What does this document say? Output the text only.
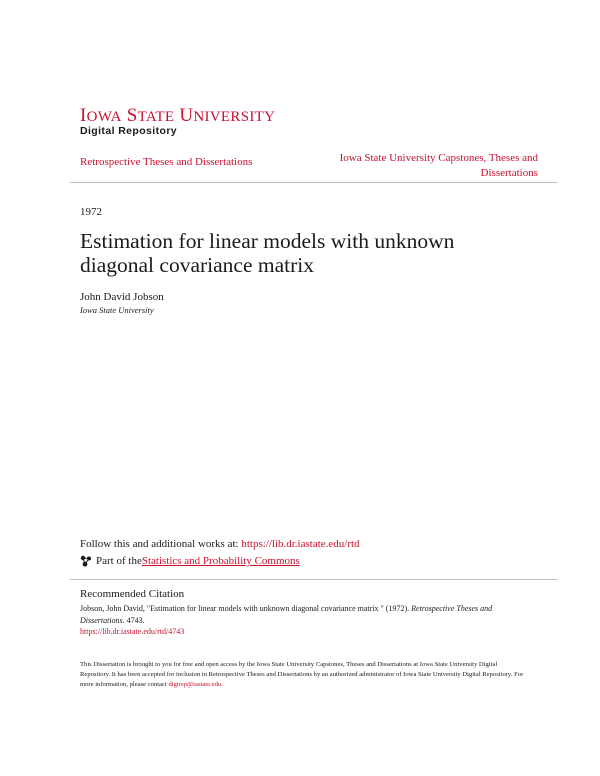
IOWA STATE UNIVERSITY
Digital Repository
Retrospective Theses and Dissertations	Iowa State University Capstones, Theses and
Dissertations
1972
Estimation for linear models with unknown
diagonal covariance matrix
John David Jobson
Iowa State University
Follow this and additional works at: https://lib.dr.iastate.edu/rtd
Part of the Statistics and Probability Commons
Recommended Citation
Jobson, John David, "Estimation for linear models with unknown diagonal covariance matrix " (1972). Retrospective Theses and
Dissertations. 4743.
https://lib.dr.iastate.edu/rtd/4743
This Dissertation is brought to you for free and open access by the Iowa State University Capstones, Theses and Dissertations at Iowa State University Digital Repository. It has been accepted for inclusion in Retrospective Theses and Dissertations by an authorized administrator of Iowa State University Digital Repository. For more information, please contact digirep@iastate.edu.
